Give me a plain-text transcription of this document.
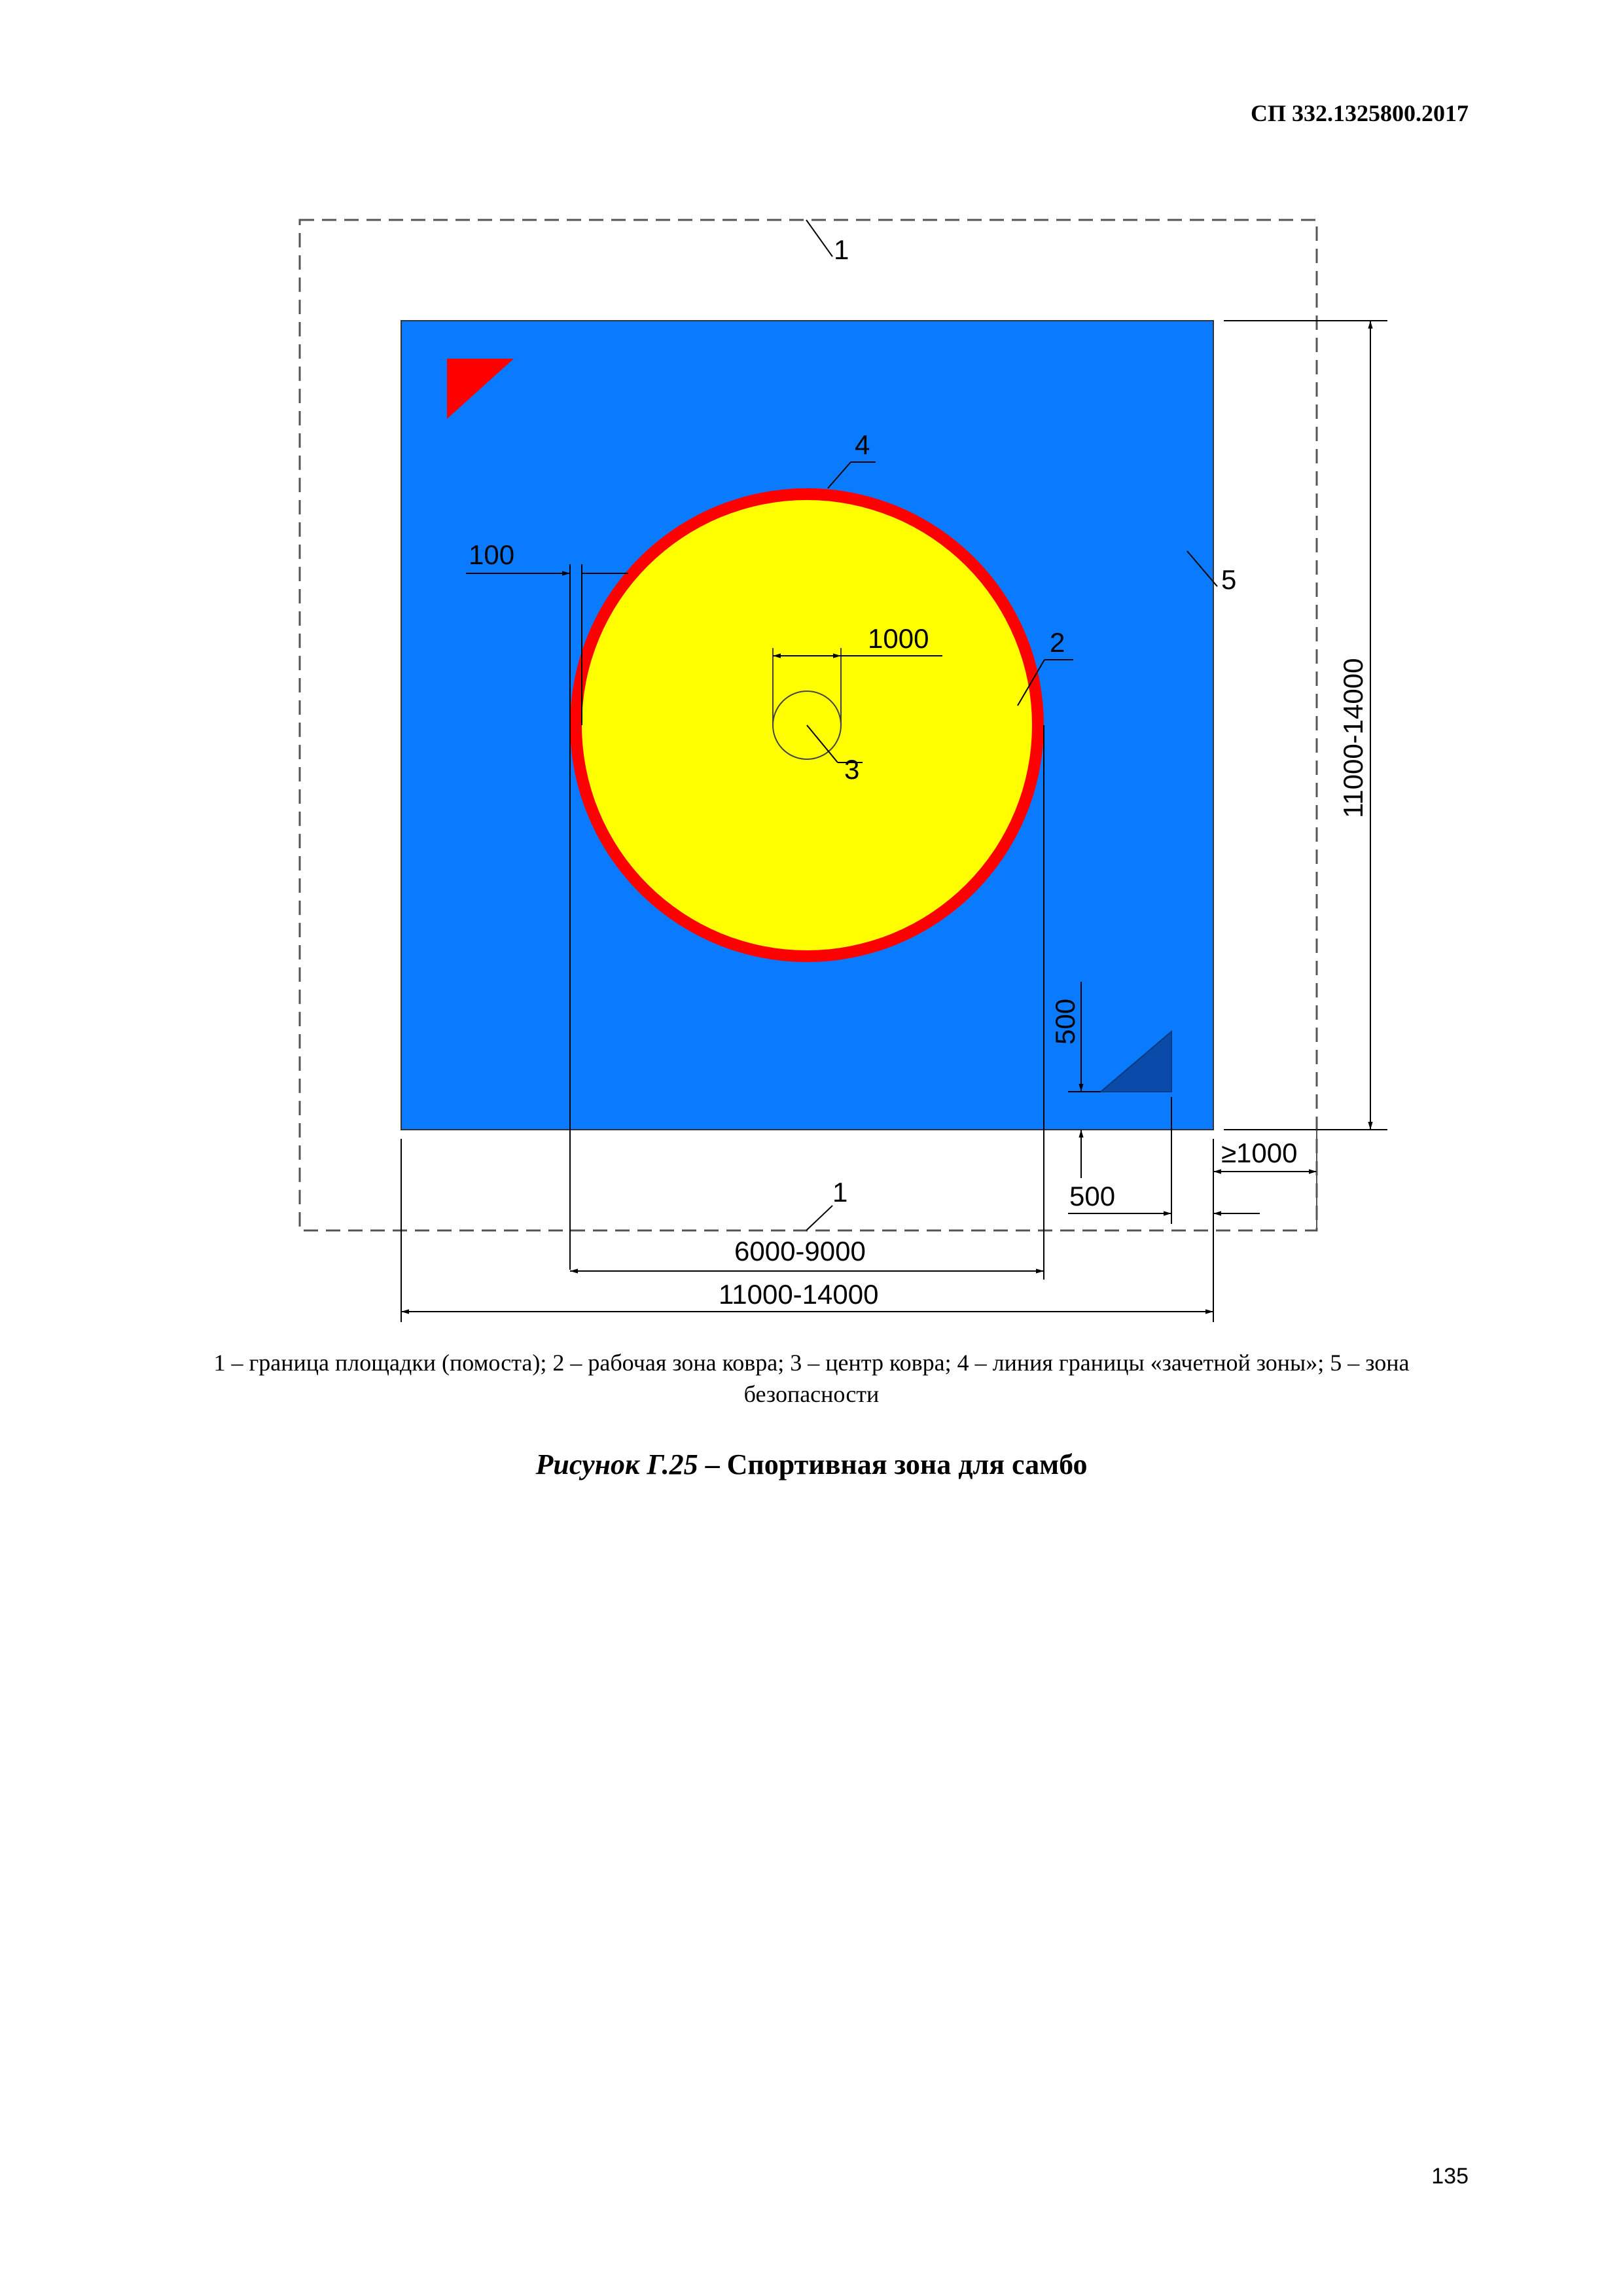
СП 332.1325800.2017
1000
3
4
2
5
1
100
6000-9000
11000-14000
1
11000-14000
500
500
≥1000
1 – граница площадки (помоста); 2 – рабочая зона ковра; 3 – центр ковра; 4 – линия границы «зачетной зоны»; 5 – зона безопасности
Рисунок Г.25 – Спортивная зона для самбо
135
